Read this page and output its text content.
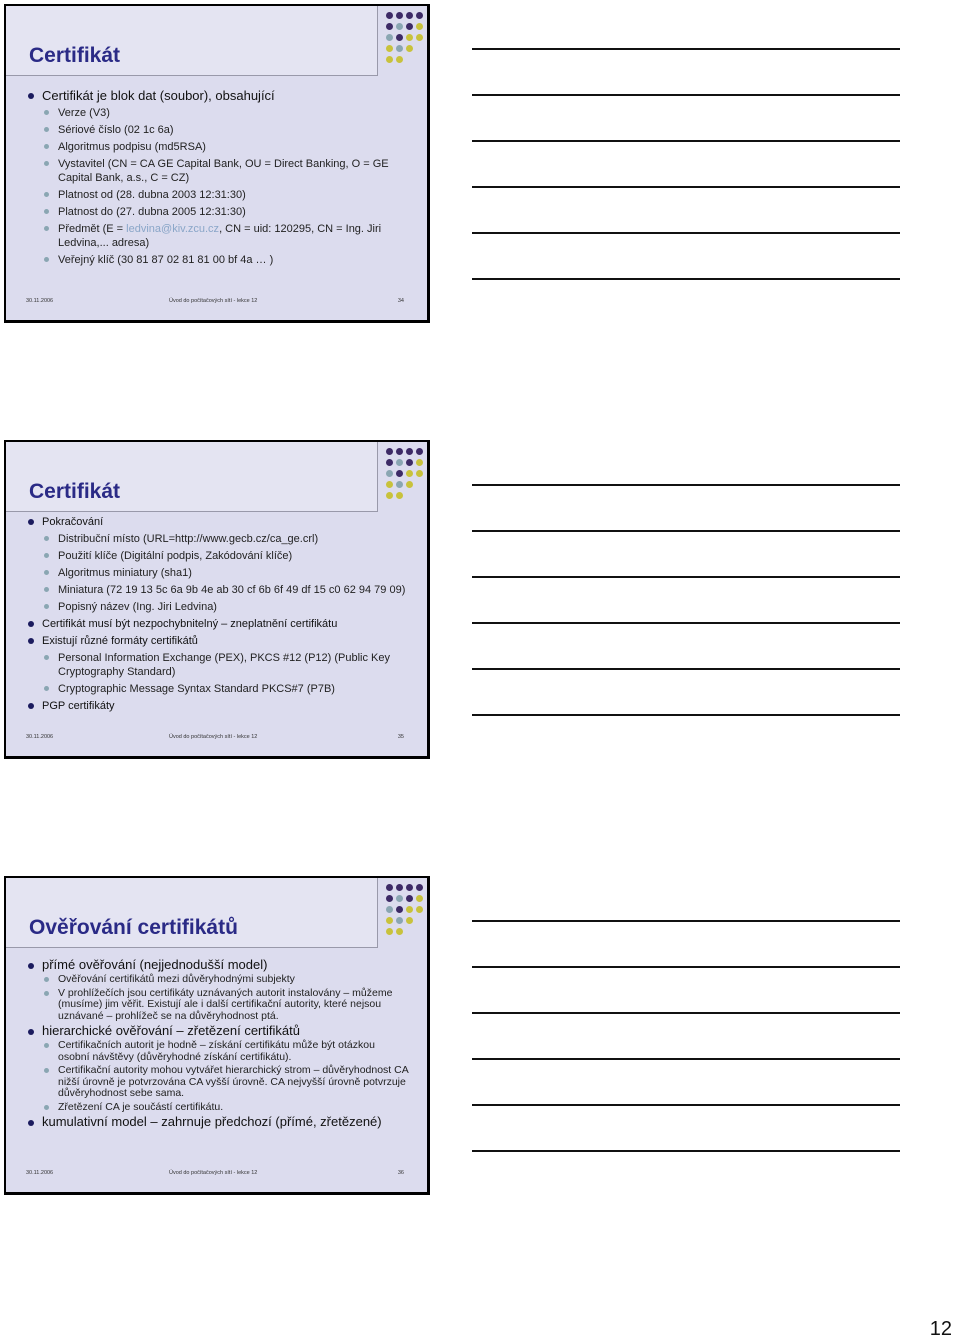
Certifikát
Certifikát je blok dat (soubor), obsahující
Verze (V3)
Sériové číslo (02 1c 6a)
Algoritmus podpisu (md5RSA)
Vystavitel (CN = CA GE Capital Bank, OU = Direct Banking, O = GE Capital Bank, a.s., C = CZ)
Platnost od (28. dubna 2003 12:31:30)
Platnost do (27. dubna 2005 12:31:30)
Předmět (E = ledvina@kiv.zcu.cz, CN = uid: 120295, CN = Ing. Jiri Ledvina,... adresa)
Veřejný klíč (30 81 87 02 81 81 00 bf 4a … )
30.11.2006	Úvod do počítačových sítí - lekce 12	34
Certifikát
Pokračování
Distribuční místo (URL=http://www.gecb.cz/ca_ge.crl)
Použití klíče (Digitální podpis, Zakódování klíče)
Algoritmus miniatury (sha1)
Miniatura (72 19 13 5c 6a 9b 4e ab 30 cf 6b 6f 49 df 15 c0 62 94 79 09)
Popisný název (Ing. Jiri Ledvina)
Certifikát musí být nezpochybnitelný – zneplatnění certifikátu
Existují různé formáty certifikátů
Personal Information Exchange (PEX), PKCS #12 (P12) (Public Key Cryptography Standard)
Cryptographic Message Syntax Standard PKCS#7 (P7B)
PGP certifikáty
30.11.2006	Úvod do počítačových sítí - lekce 12	35
Ověřování certifikátů
přímé ověřování (nejjednodušší model)
Ověřování certifikátů mezi důvěryhodnými subjekty
V prohlížečích jsou certifikáty uznávaných autorit instalovány – můžeme (musíme) jim věřit. Existují ale i další certifikační autority, které nejsou uznávané – prohlížeč se na důvěryhodnost ptá.
hierarchické ověřování – zřetězení certifikátů
Certifikačních autorit je hodně – získání certifikátu může být otázkou osobní návštěvy (důvěryhodné získání certifikátu).
Certifikační autority mohou vytvářet hierarchický strom – důvěryhodnost CA nižší úrovně je potvrzována CA vyšší úrovně. CA nejvyšší úrovně potvrzuje důvěryhodnost sebe sama.
Zřetězení CA je součástí certifikátu.
kumulativní model – zahrnuje předchozí (přímé, zřetězené)
30.11.2006	Úvod do počítačových sítí - lekce 12	36
12
